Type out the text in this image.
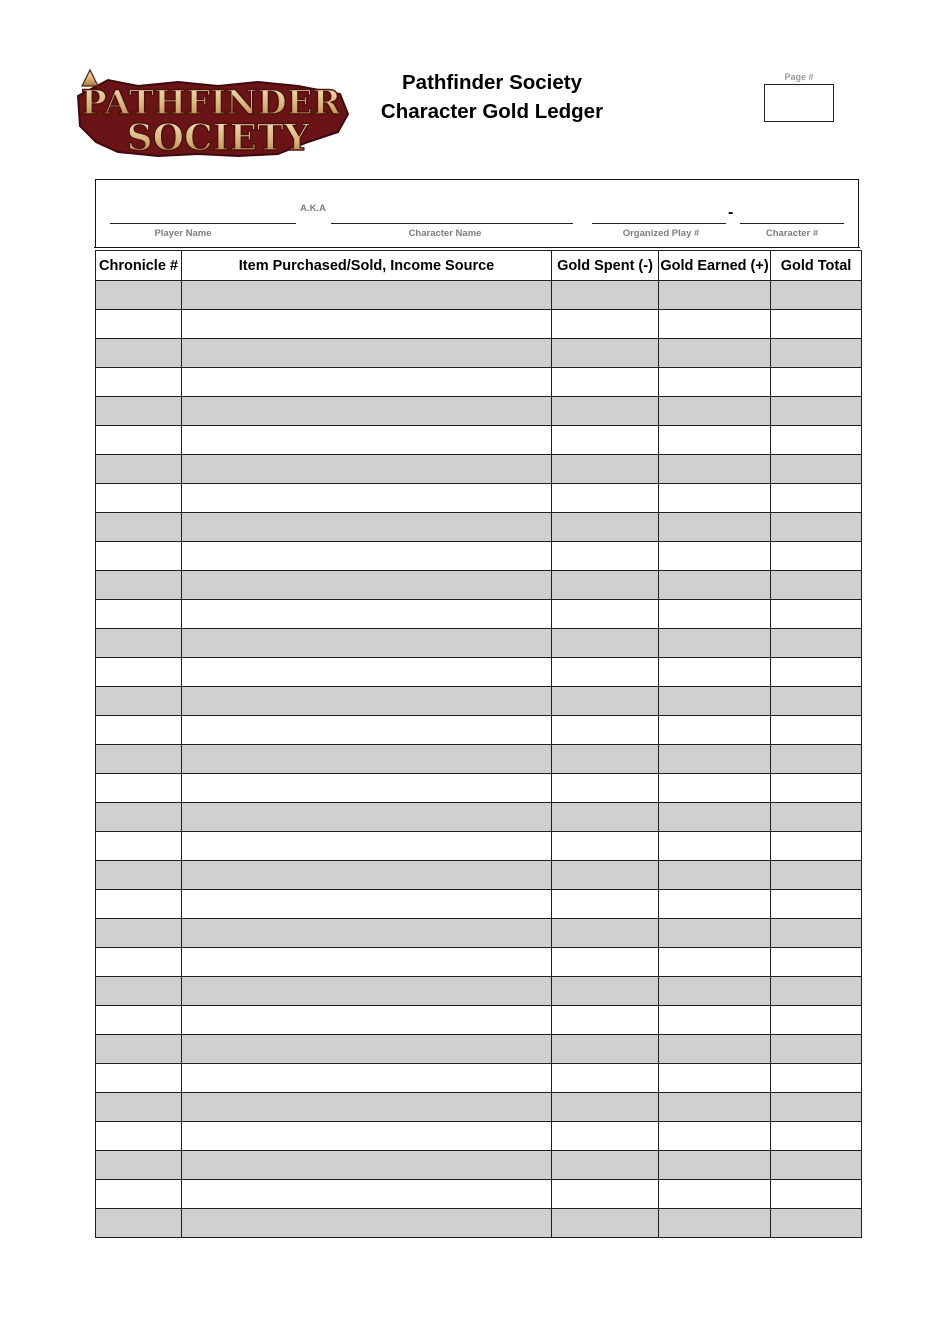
PATHFINDER
SOCIETY
Pathfinder Society
Character Gold Ledger
Page #
A.K.A
Player Name	Character Name	Organized Play #
-
Character #
Chronicle #	Item Purchased/Sold, Income Source	Gold Spent (-)	Gold Earned (+)	Gold Total
